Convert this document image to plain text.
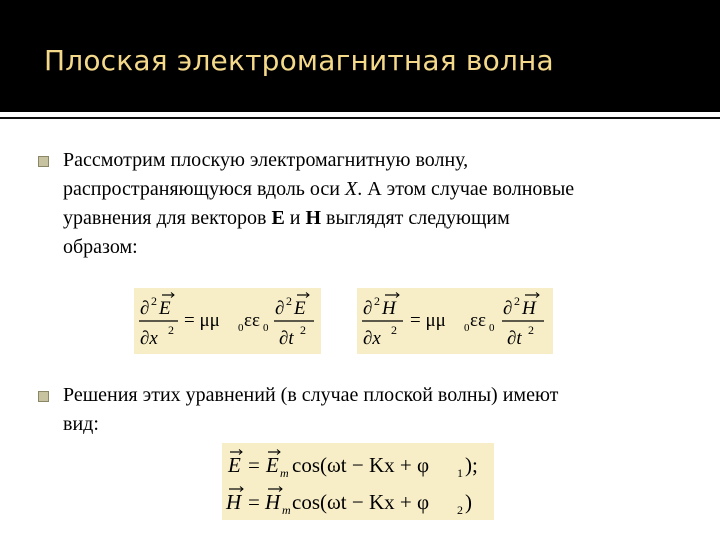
Плоская электромагнитная волна
Рассмотрим плоскую электромагнитную волну,
распространяющуюся вдоль оси X. А этом случае волновые
уравнения для векторов E и H выглядят следующим
образом:
∂ 2 E
∂x 2 = μμ 0 εε 0
∂ 2 E
∂t 2
∂ 2 H
∂x 2 = μμ 0 εε 0
∂ 2 H
∂t 2
Решения этих уравнений (в случае плоской волны) имеют
вид:
E = E m cos(ωt − Kx + φ 1 );
H = H m cos(ωt − Kx + φ 2 )
